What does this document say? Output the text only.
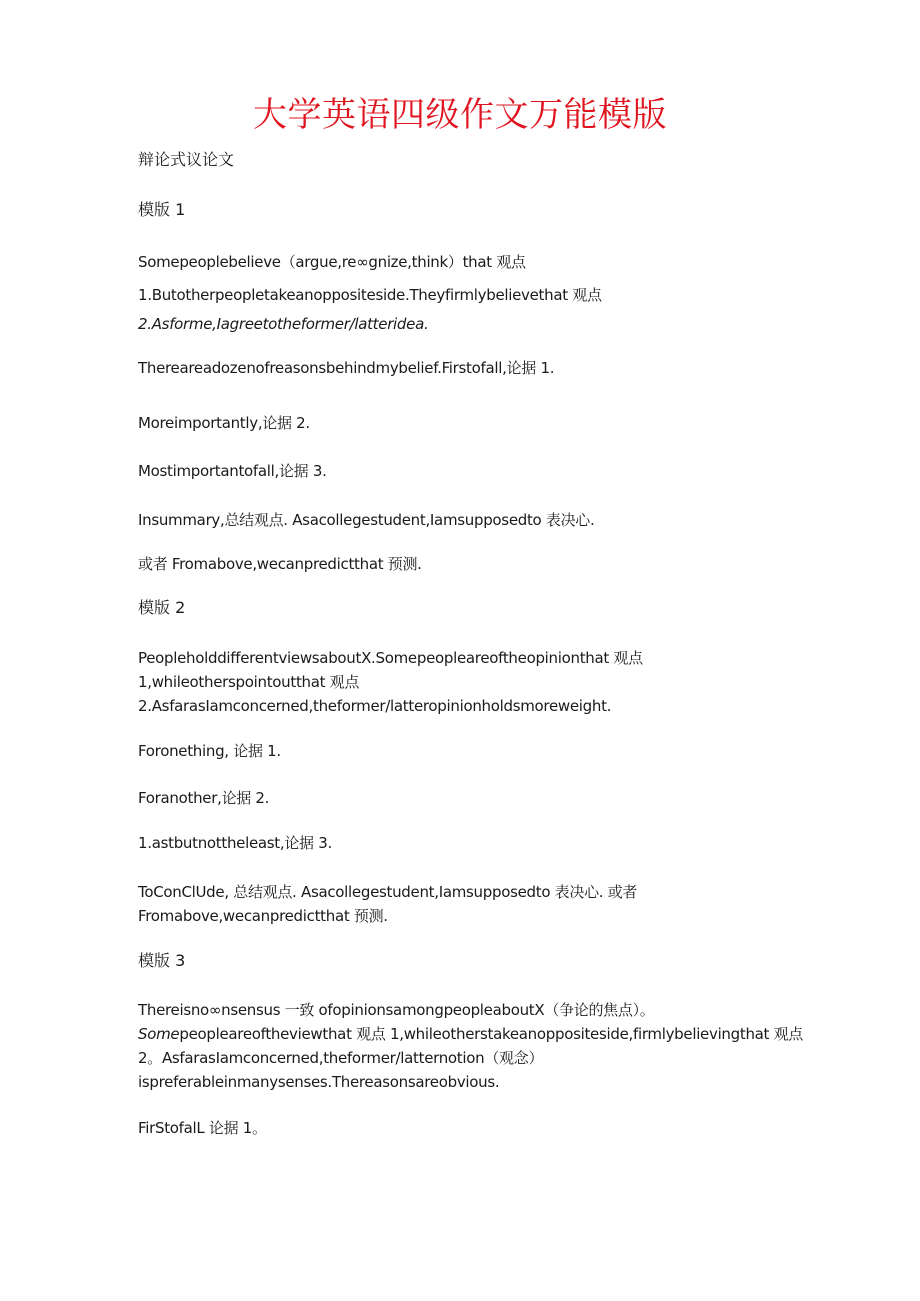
大学英语四级作文万能模版
辩论式议论文
模版 1
Somepeoplebelieve（argue,re∞gnize,think）that 观点
1.Butotherpeopletakeanoppositeside.Theyfirmlybelievethat 观点
2.Asforme,Iagreetotheformer/latteridea.
Thereareadozenofreasonsbehindmybelief.Firstofall,论据 1.
Moreimportantly,论据 2.
Mostimportantofall,论据 3.
Insummary,总结观点. Asacollegestudent,Iamsupposedto 表决心.
或者 Fromabove,wecanpredictthat 预测.
模版 2
PeopleholddifferentviewsaboutX.Somepeopleareoftheopinionthat 观点
1,whileotherspointoutthat 观点
2.AsfarasIamconcerned,theformer/latteropinionholdsmoreweight.
Foronething, 论据 1.
Foranother,论据 2.
1.astbutnottheleast,论据 3.
ToConClUde, 总结观点. Asacollegestudent,Iamsupposedto 表决心. 或者
Fromabove,wecanpredictthat 预测.
模版 3
Thereisno∞nsensus 一致 ofopinionsamongpeopleaboutX（争论的焦点）。
Somepeopleareoftheviewthat 观点 1,whileotherstakeanoppositeside,firmlybelievingthat 观点
2。AsfarasIamconcerned,theformer/latternotion（观念）
ispreferableinmanysenses.Thereasonsareobvious.
FirStofalL 论据 1。
